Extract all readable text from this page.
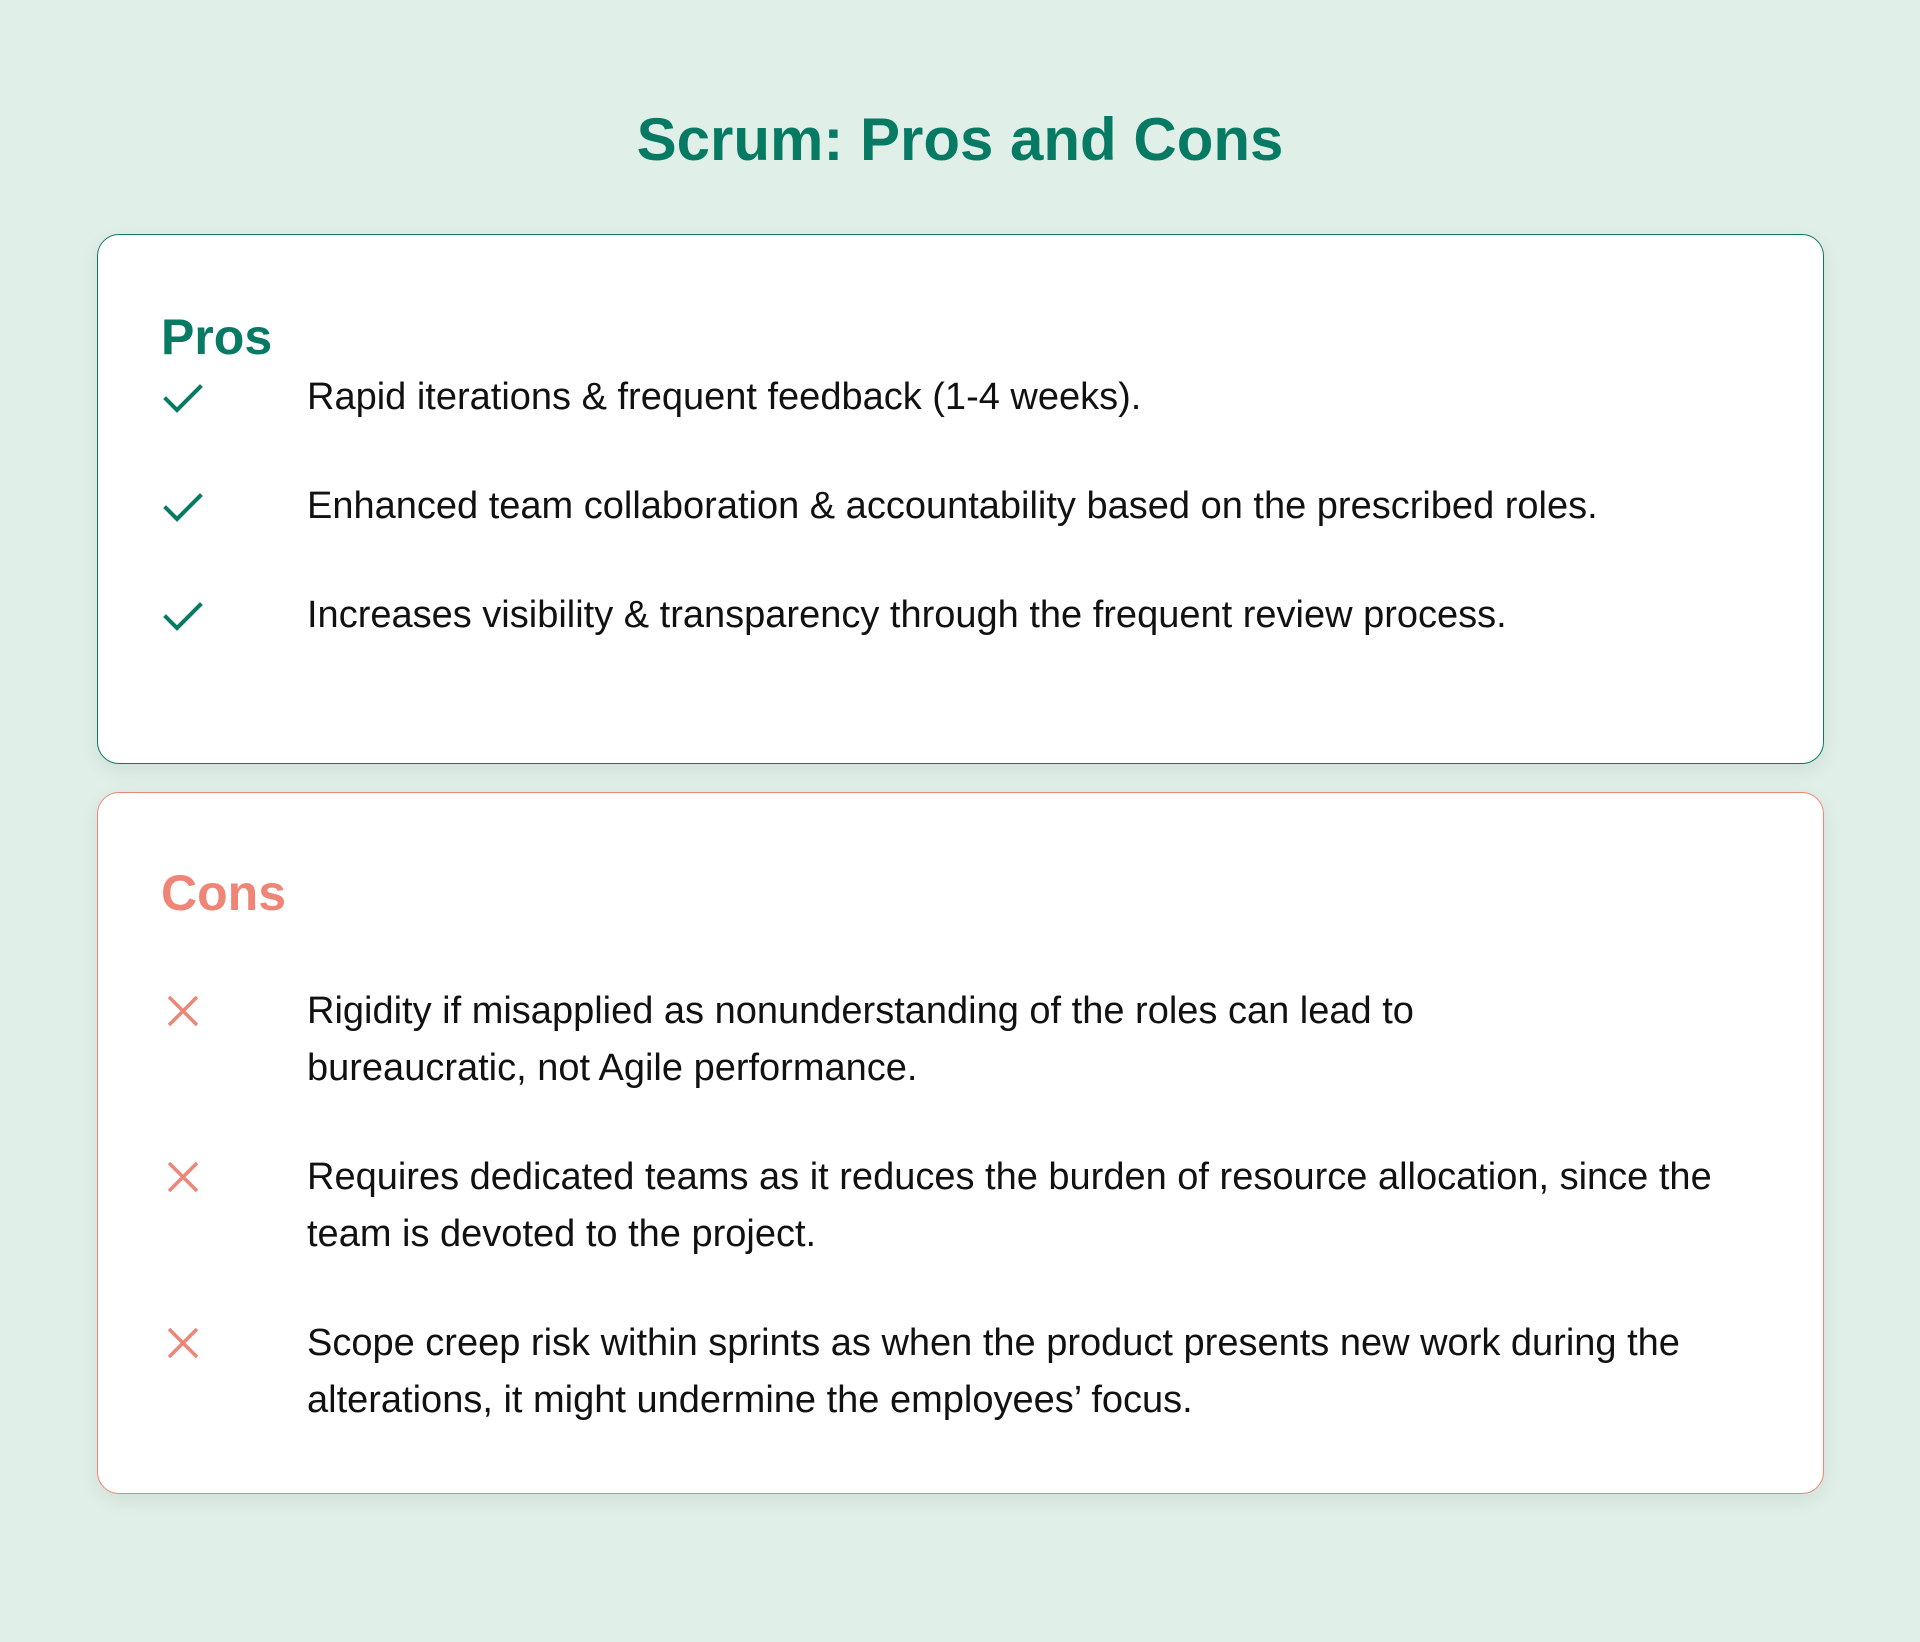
Scrum: Pros and Cons
Pros
Rapid iterations & frequent feedback (1-4 weeks).
Enhanced team collaboration & accountability based on the prescribed roles.
Increases visibility & transparency through the frequent review process.
Cons
Rigidity if misapplied as nonunderstanding of the roles can lead to bureaucratic, not Agile performance.
Requires dedicated teams as it reduces the burden of resource allocation, since the team is devoted to the project.
Scope creep risk within sprints as when the product presents new work during the alterations, it might undermine the employees’ focus.
